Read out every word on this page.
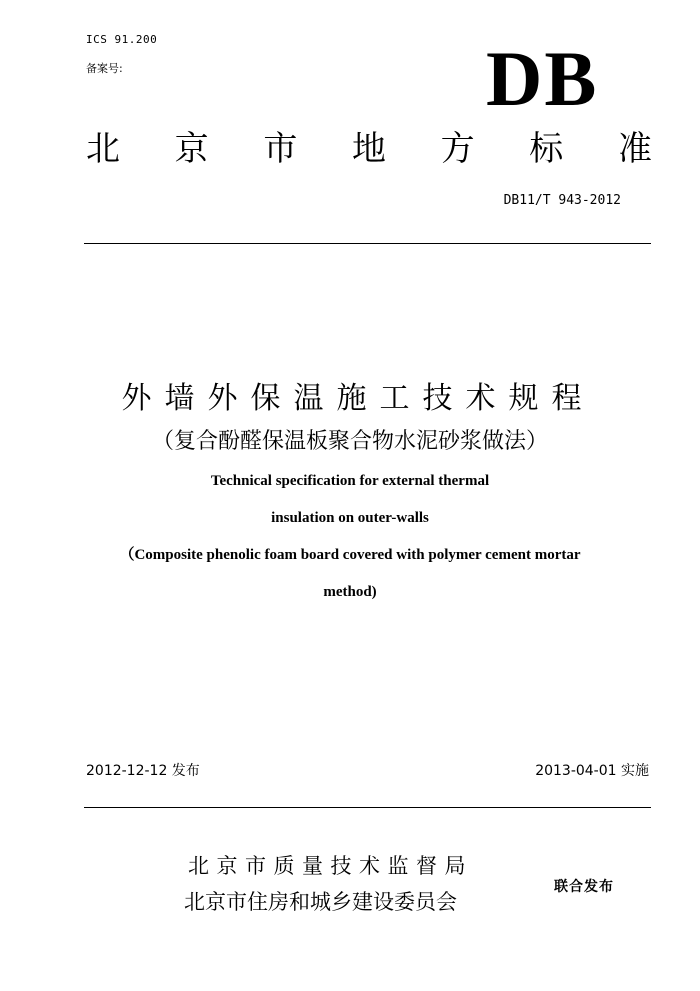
ICS 91.200
备案号:	DB
北 京 市 地 方 标 准
DB11/T 943-2012
外墙外保温施工技术规程
（复合酚醛保温板聚合物水泥砂浆做法）
Technical specification for external thermal
insulation on outer-walls
（Composite phenolic foam board covered with polymer cement mortar
method)
2012-12-12 发布	2013-04-01 实施
北京市质量技术监督局
北京市住房和城乡建设委员会
联合发布
